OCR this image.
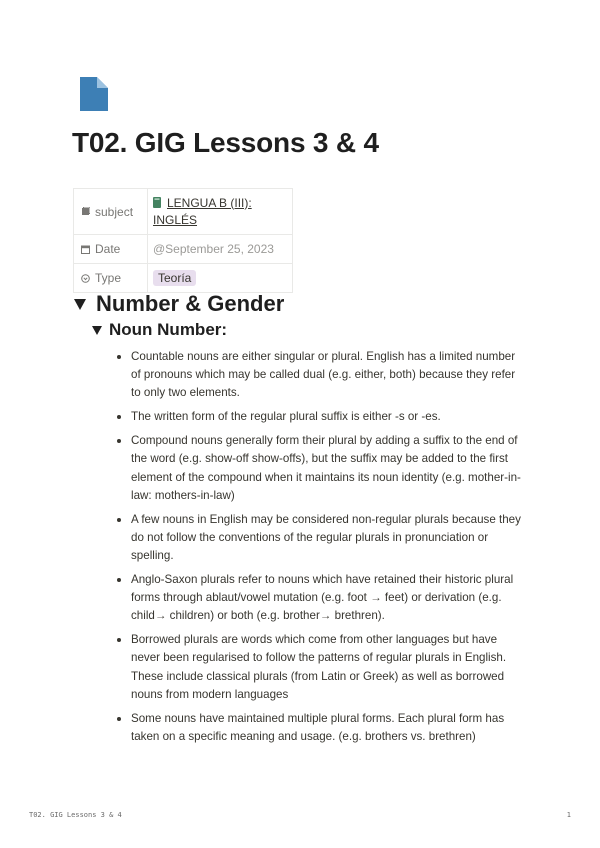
T02. GIG Lessons 3 & 4
subject	LENGUA B (III): INGLÉS

Date	@September 25, 2023

Type	Teoría
Number & Gender
Noun Number:
Countable nouns are either singular or plural. English has a limited number of pronouns which may be called dual (e.g. either, both) because they refer to only two elements.
The written form of the regular plural suffix is either -s or -es.
Compound nouns generally form their plural by adding a suffix to the end of the word (e.g. show-off show-offs), but the suffix may be added to the first element of the compound when it maintains its noun identity (e.g. mother-in-law: mothers-in-law)
A few nouns in English may be considered non-regular plurals because they do not follow the conventions of the regular plurals in pronunciation or spelling.
Anglo-Saxon plurals refer to nouns which have retained their historic plural forms through ablaut/vowel mutation (e.g. foot → feet) or derivation (e.g. child→ children) or both (e.g. brother→ brethren).
Borrowed plurals are words which come from other languages but have never been regularised to follow the patterns of regular plurals in English. These include classical plurals (from Latin or Greek) as well as borrowed nouns from modern languages
Some nouns have maintained multiple plural forms. Each plural form has taken on a specific meaning and usage. (e.g. brothers vs. brethren)
T02. GIG Lessons 3 & 4	1
